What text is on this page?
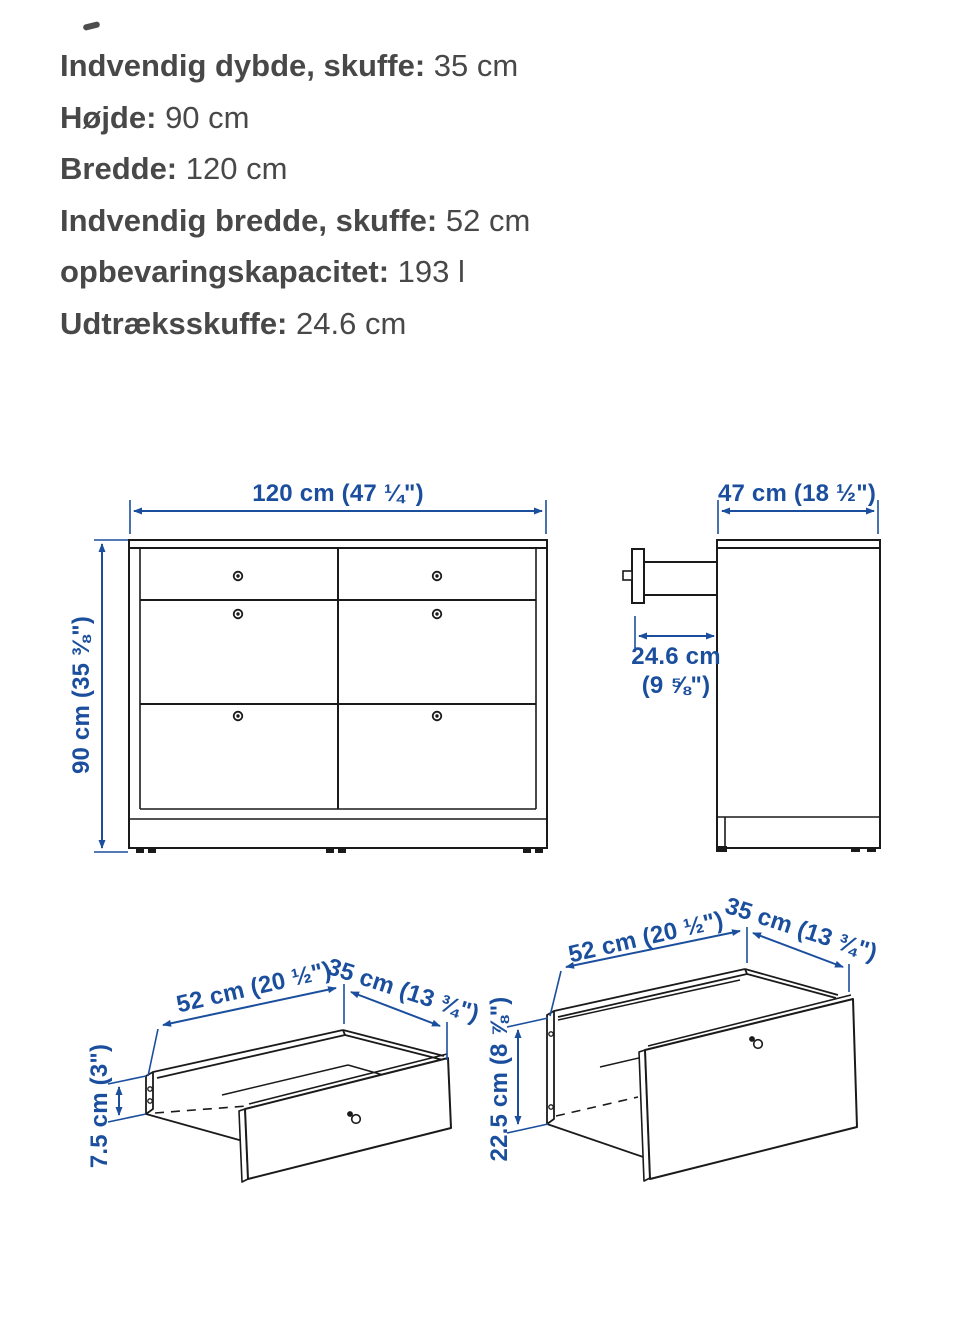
Indvendig dybde, skuffe: 35 cm
Højde: 90 cm
Bredde: 120 cm
Indvendig bredde, skuffe: 52 cm
opbevaringskapacitet: 193 l
Udtræksskuffe: 24.6 cm
120 cm (47 ¼")
90 cm (35 ⅜")
47 cm (18 ½")
24.6 cm
(9 ⅝")
52 cm (20 ½")
35 cm (13 ¾")
7.5 cm (3")
52 cm (20 ½")
35 cm (13 ¾")
22.5 cm (8 ⅞")
